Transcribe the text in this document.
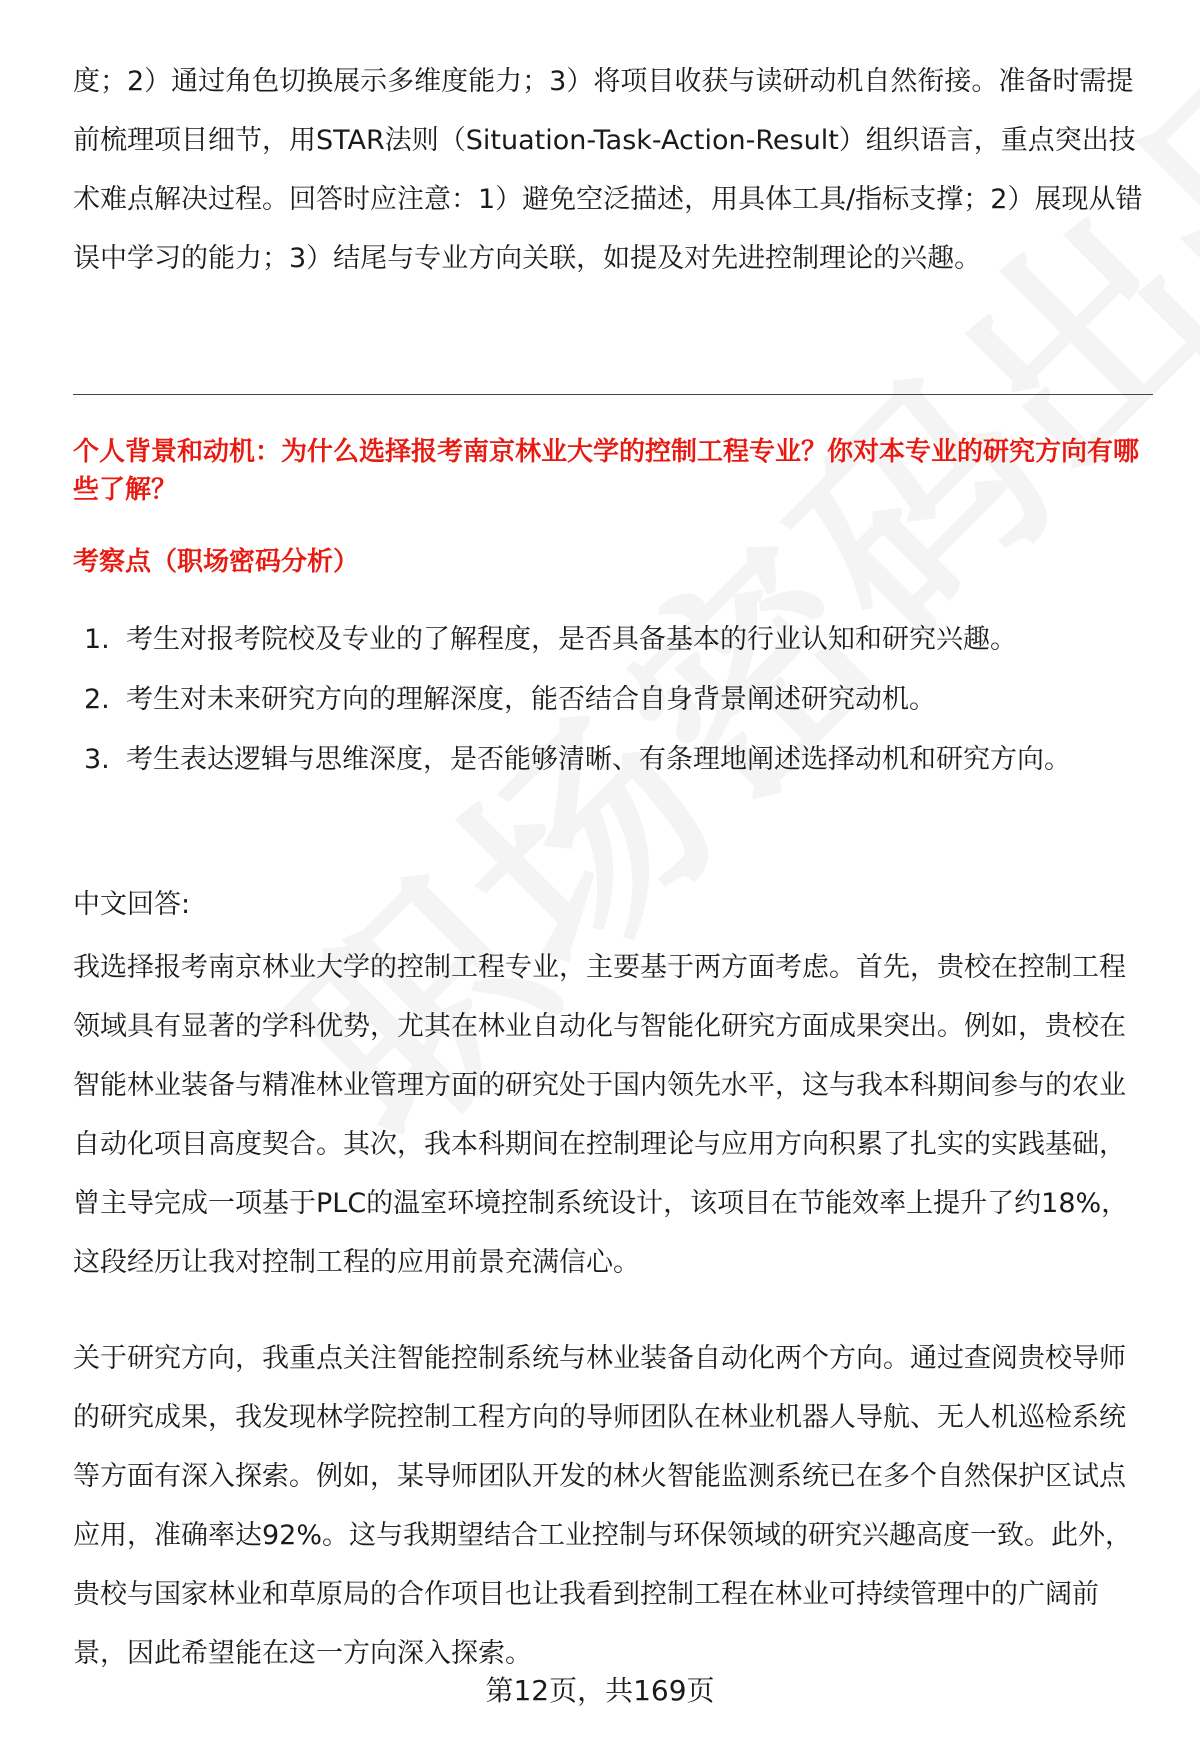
度；2）通过角色切换展示多维度能力；3）将项目收获与读研动机自然衔接。准备时需提前梳理项目细节，用STAR法则（Situation-Task-Action-Result）组织语言，重点突出技术难点解决过程。回答时应注意：1）避免空泛描述，用具体工具/指标支撑；2）展现从错误中学习的能力；3）结尾与专业方向关联，如提及对先进控制理论的兴趣。

个人背景和动机：为什么选择报考南京林业大学的控制工程专业？你对本专业的研究方向有哪些了解？
考察点（职场密码分析）
1. 考生对报考院校及专业的了解程度，是否具备基本的行业认知和研究兴趣。
2. 考生对未来研究方向的理解深度，能否结合自身背景阐述研究动机。
3. 考生表达逻辑与思维深度，是否能够清晰、有条理地阐述选择动机和研究方向。

中文回答:

我选择报考南京林业大学的控制工程专业，主要基于两方面考虑。首先，贵校在控制工程领域具有显著的学科优势，尤其在林业自动化与智能化研究方面成果突出。例如，贵校在智能林业装备与精准林业管理方面的研究处于国内领先水平，这与我本科期间参与的农业自动化项目高度契合。其次，我本科期间在控制理论与应用方向积累了扎实的实践基础，曾主导完成一项基于PLC的温室环境控制系统设计，该项目在节能效率上提升了约18%，这段经历让我对控制工程的应用前景充满信心。

关于研究方向，我重点关注智能控制系统与林业装备自动化两个方向。通过查阅贵校导师的研究成果，我发现林学院控制工程方向的导师团队在林业机器人导航、无人机巡检系统等方面有深入探索。例如，某导师团队开发的林火智能监测系统已在多个自然保护区试点应用，准确率达92%。这与我期望结合工业控制与环保领域的研究兴趣高度一致。此外，贵校与国家林业和草原局的合作项目也让我看到控制工程在林业可持续管理中的广阔前景，因此希望能在这一方向深入探索。

第12页，共169页
